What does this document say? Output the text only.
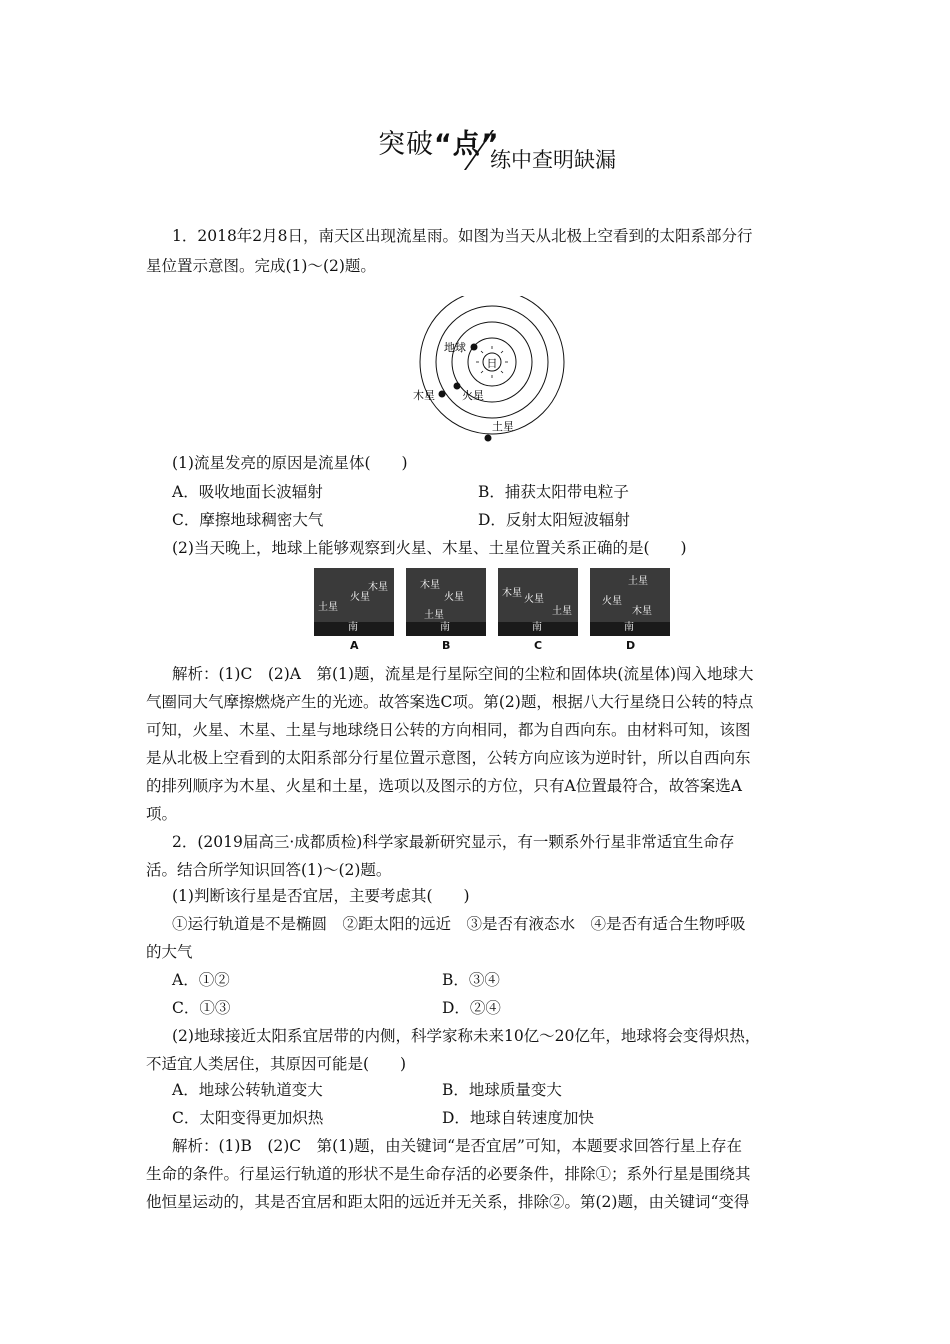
突破“点”
练中查明缺漏
1．2018年2月8日，南天区出现流星雨。如图为当天从北极上空看到的太阳系部分行
星位置示意图。完成(1)～(2)题。
日
地球
火星
木星
土星
(1)流星发亮的原因是流星体(　　)
A．吸收地面长波辐射	B．捕获太阳带电粒子
C．摩擦地球稠密大气	D．反射太阳短波辐射
(2)当天晚上，地球上能够观察到火星、木星、土星位置关系正确的是(　　)
土星
火星
木星
南
木星
火星
土星
南
木星
火星
土星
南
土星
火星
木星
南
A	B	C	D
解析：(1)C　(2)A　第(1)题，流星是行星际空间的尘粒和固体块(流星体)闯入地球大
气圈同大气摩擦燃烧产生的光迹。故答案选C项。第(2)题，根据八大行星绕日公转的特点
可知，火星、木星、土星与地球绕日公转的方向相同，都为自西向东。由材料可知，该图
是从北极上空看到的太阳系部分行星位置示意图，公转方向应该为逆时针，所以自西向东
的排列顺序为木星、火星和土星，选项以及图示的方位，只有A位置最符合，故答案选A
项。
2．(2019届高三·成都质检)科学家最新研究显示，有一颗系外行星非常适宜生命存
活。结合所学知识回答(1)～(2)题。
(1)判断该行星是否宜居，主要考虑其(　　)
①运行轨道是不是椭圆　②距太阳的远近　③是否有液态水　④是否有适合生物呼吸
的大气
A．①②	B．③④
C．①③	D．②④
(2)地球接近太阳系宜居带的内侧，科学家称未来10亿～20亿年，地球将会变得炽热，
不适宜人类居住，其原因可能是(　　)
A．地球公转轨道变大	B．地球质量变大
C．太阳变得更加炽热	D．地球自转速度加快
解析：(1)B　(2)C　第(1)题，由关键词“是否宜居”可知，本题要求回答行星上存在
生命的条件。行星运行轨道的形状不是生命存活的必要条件，排除①；系外行星是围绕其
他恒星运动的，其是否宜居和距太阳的远近并无关系，排除②。第(2)题，由关键词“变得
